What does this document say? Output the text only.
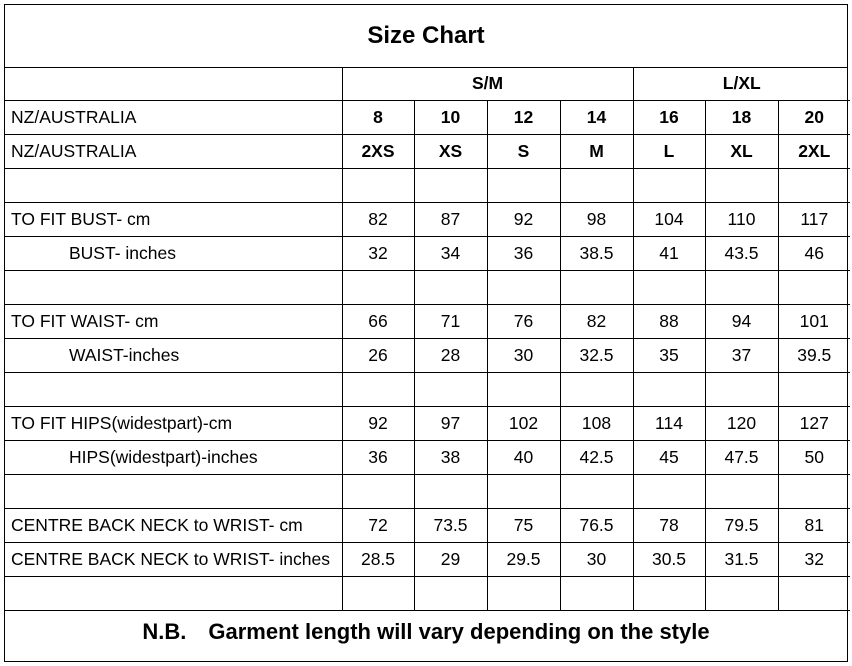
Size Chart
	S/M				L/XL		
NZ/AUSTRALIA	8	10	12	14	16	18	20
NZ/AUSTRALIA	2XS	XS	S	M	L	XL	2XL

TO FIT BUST- cm	82	87	92	98	104	110	117
BUST- inches	32	34	36	38.5	41	43.5	46

TO FIT WAIST- cm	66	71	76	82	88	94	101
WAIST-inches	26	28	30	32.5	35	37	39.5

TO FIT HIPS(widestpart)-cm	92	97	102	108	114	120	127
HIPS(widestpart)-inches	36	38	40	42.5	45	47.5	50

CENTRE BACK NECK to WRIST- cm	72	73.5	75	76.5	78	79.5	81
CENTRE BACK NECK to WRIST- inches	28.5	29	29.5	30	30.5	31.5	32

N.B. Garment length will vary depending on the style
